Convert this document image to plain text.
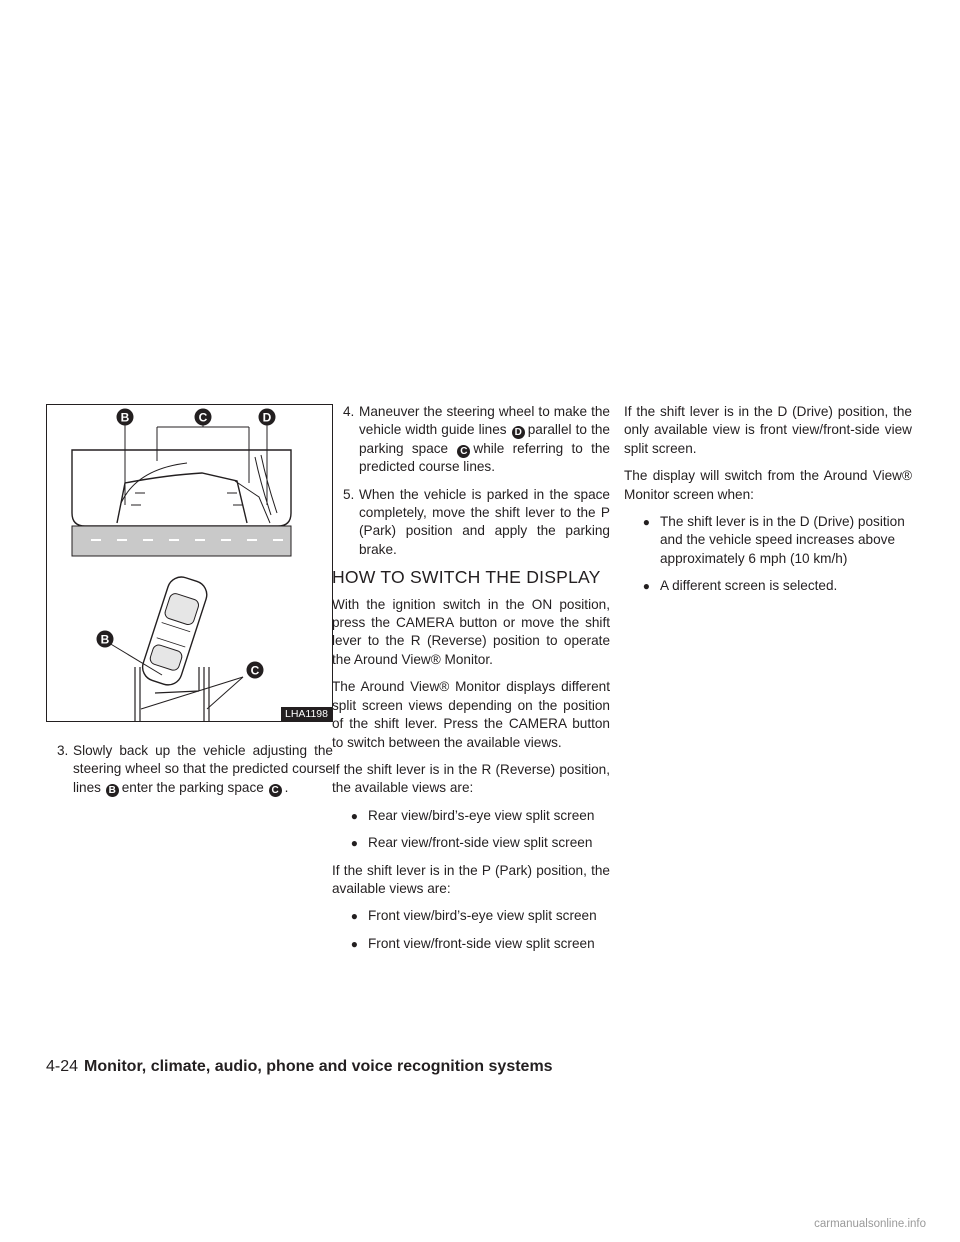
B	C	D
B
C
LHA1198
3. Slowly back up the vehicle adjusting the steering wheel so that the predicted course lines B enter the parking space C .
4. Maneuver the steering wheel to make the vehicle width guide lines D parallel to the parking space C while referring to the predicted course lines.
5. When the vehicle is parked in the space completely, move the shift lever to the P (Park) position and apply the parking brake.
HOW TO SWITCH THE DISPLAY

With the ignition switch in the ON position, press the CAMERA button or move the shift lever to the R (Reverse) position to operate the Around View® Monitor.

The Around View® Monitor displays different split screen views depending on the position of the shift lever. Press the CAMERA button to switch between the available views.

If the shift lever is in the R (Reverse) position, the available views are:

● Rear view/bird’s-eye view split screen
● Rear view/front-side view split screen

If the shift lever is in the P (Park) position, the available views are:

● Front view/bird’s-eye view split screen
● Front view/front-side view split screen

If the shift lever is in the D (Drive) position, the only available view is front view/front-side view split screen.

The display will switch from the Around View® Monitor screen when:

● The shift lever is in the D (Drive) position and the vehicle speed increases above approximately 6 mph (10 km/h)
● A different screen is selected.
4-24 Monitor, climate, audio, phone and voice recognition systems
carmanualsonline.info
